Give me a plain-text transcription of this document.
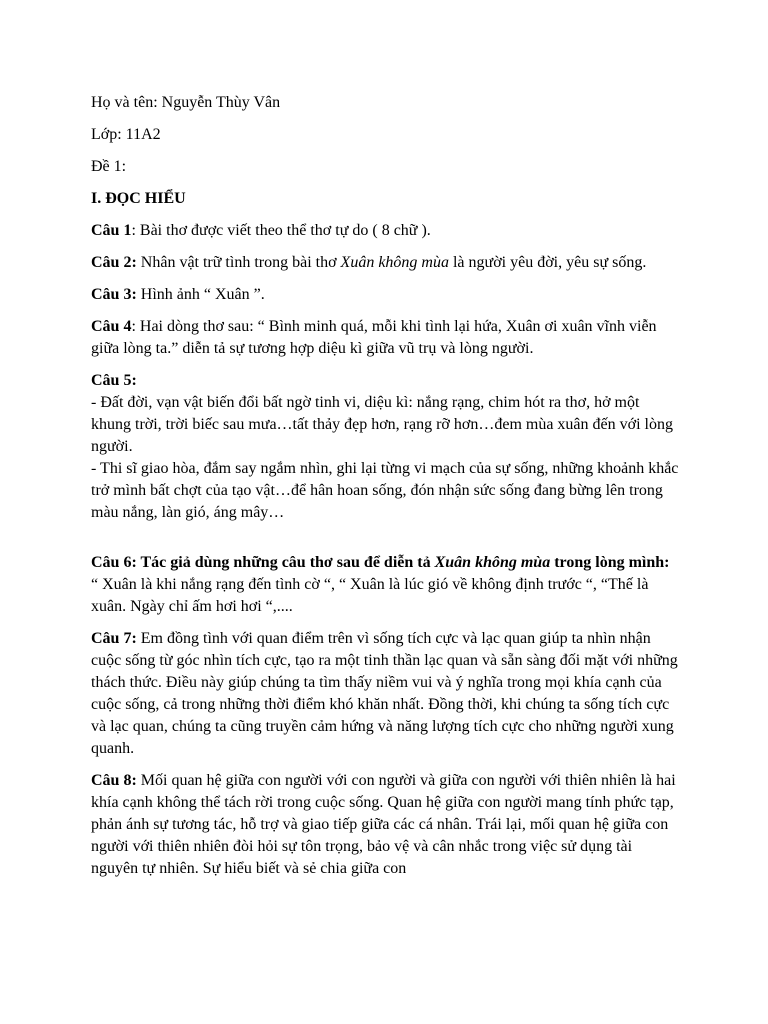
Họ và tên: Nguyễn Thùy Vân

Lớp: 11A2

Đề 1:

I. ĐỌC HIỂU

Câu 1: Bài thơ được viết theo thể thơ tự do ( 8 chữ ).

Câu 2: Nhân vật trữ tình trong bài thơ Xuân không mùa là người yêu đời, yêu sự sống.

Câu 3: Hình ảnh “ Xuân ”.

Câu 4: Hai dòng thơ sau: “ Bình minh quá, mỗi khi tình lại hứa, Xuân ơi xuân vĩnh viễn giữa lòng ta.” diễn tả sự tương hợp diệu kì giữa vũ trụ và lòng người.

Câu 5:
- Đất đời, vạn vật biến đổi bất ngờ tinh vi, diệu kì: nắng rạng, chim hót ra thơ, hở một khung trời, trời biếc sau mưa…tất thảy đẹp hơn, rạng rỡ hơn…đem mùa xuân đến với lòng người.
- Thi sĩ giao hòa, đắm say ngắm nhìn, ghi lại từng vi mạch của sự sống, những khoảnh khắc trở mình bất chợt của tạo vật…để hân hoan sống, đón nhận sức sống đang bừng lên trong màu nắng, làn gió, áng mây…

Câu 6: Tác giả dùng những câu thơ sau để diễn tả Xuân không mùa trong lòng mình: “ Xuân là khi nắng rạng đến tình cờ “, “ Xuân là lúc gió về không định trước “, “Thế là xuân. Ngày chỉ ấm hơi hơi “,....

Câu 7: Em đồng tình với quan điểm trên vì sống tích cực và lạc quan giúp ta nhìn nhận cuộc sống từ góc nhìn tích cực, tạo ra một tinh thần lạc quan và sẵn sàng đối mặt với những thách thức. Điều này giúp chúng ta tìm thấy niềm vui và ý nghĩa trong mọi khía cạnh của cuộc sống, cả trong những thời điểm khó khăn nhất. Đồng thời, khi chúng ta sống tích cực và lạc quan, chúng ta cũng truyền cảm hứng và năng lượng tích cực cho những người xung quanh.

Câu 8: Mối quan hệ giữa con người với con người và giữa con người với thiên nhiên là hai khía cạnh không thể tách rời trong cuộc sống. Quan hệ giữa con người mang tính phức tạp, phản ánh sự tương tác, hỗ trợ và giao tiếp giữa các cá nhân. Trái lại, mối quan hệ giữa con người với thiên nhiên đòi hỏi sự tôn trọng, bảo vệ và cân nhắc trong việc sử dụng tài nguyên tự nhiên. Sự hiểu biết và sẻ chia giữa con
